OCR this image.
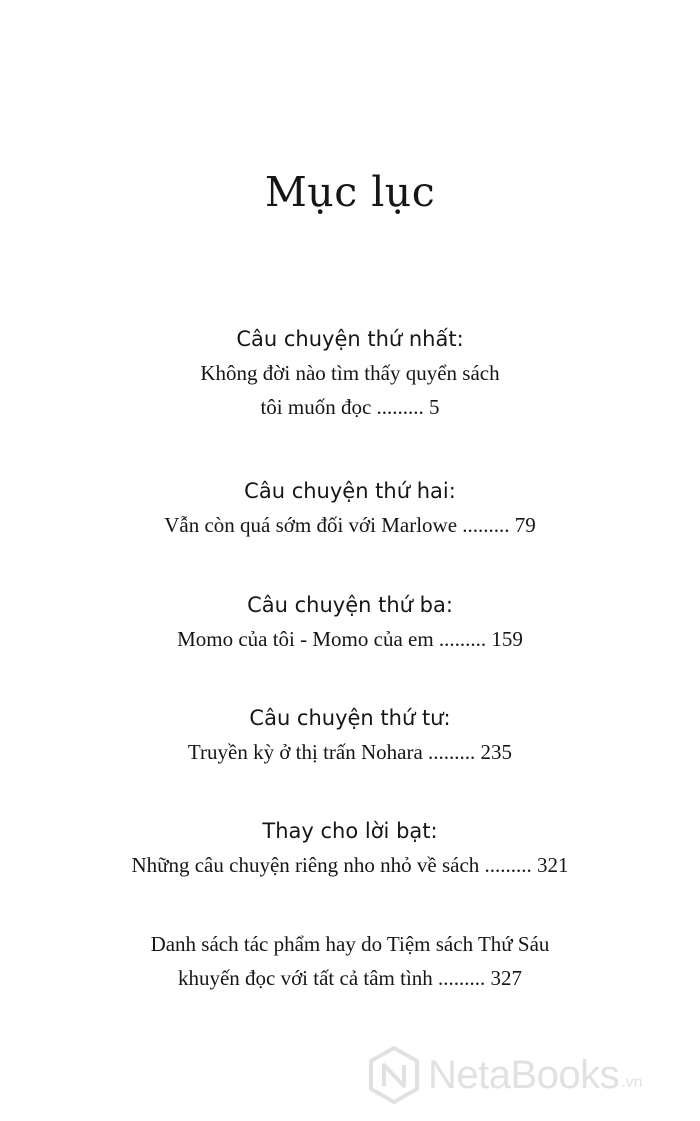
Mục lục
Câu chuyện thứ nhất:
Không đời nào tìm thấy quyển sách
tôi muốn đọc ......... 5
Câu chuyện thứ hai:
Vẫn còn quá sớm đối với Marlowe ......... 79
Câu chuyện thứ ba:
Momo của tôi - Momo của em ......... 159
Câu chuyện thứ tư:
Truyền kỳ ở thị trấn Nohara ......... 235
Thay cho lời bạt:
Những câu chuyện riêng nho nhỏ về sách ......... 321
Danh sách tác phẩm hay do Tiệm sách Thứ Sáu
khuyến đọc với tất cả tâm tình ......... 327
NetaBooks .vn
